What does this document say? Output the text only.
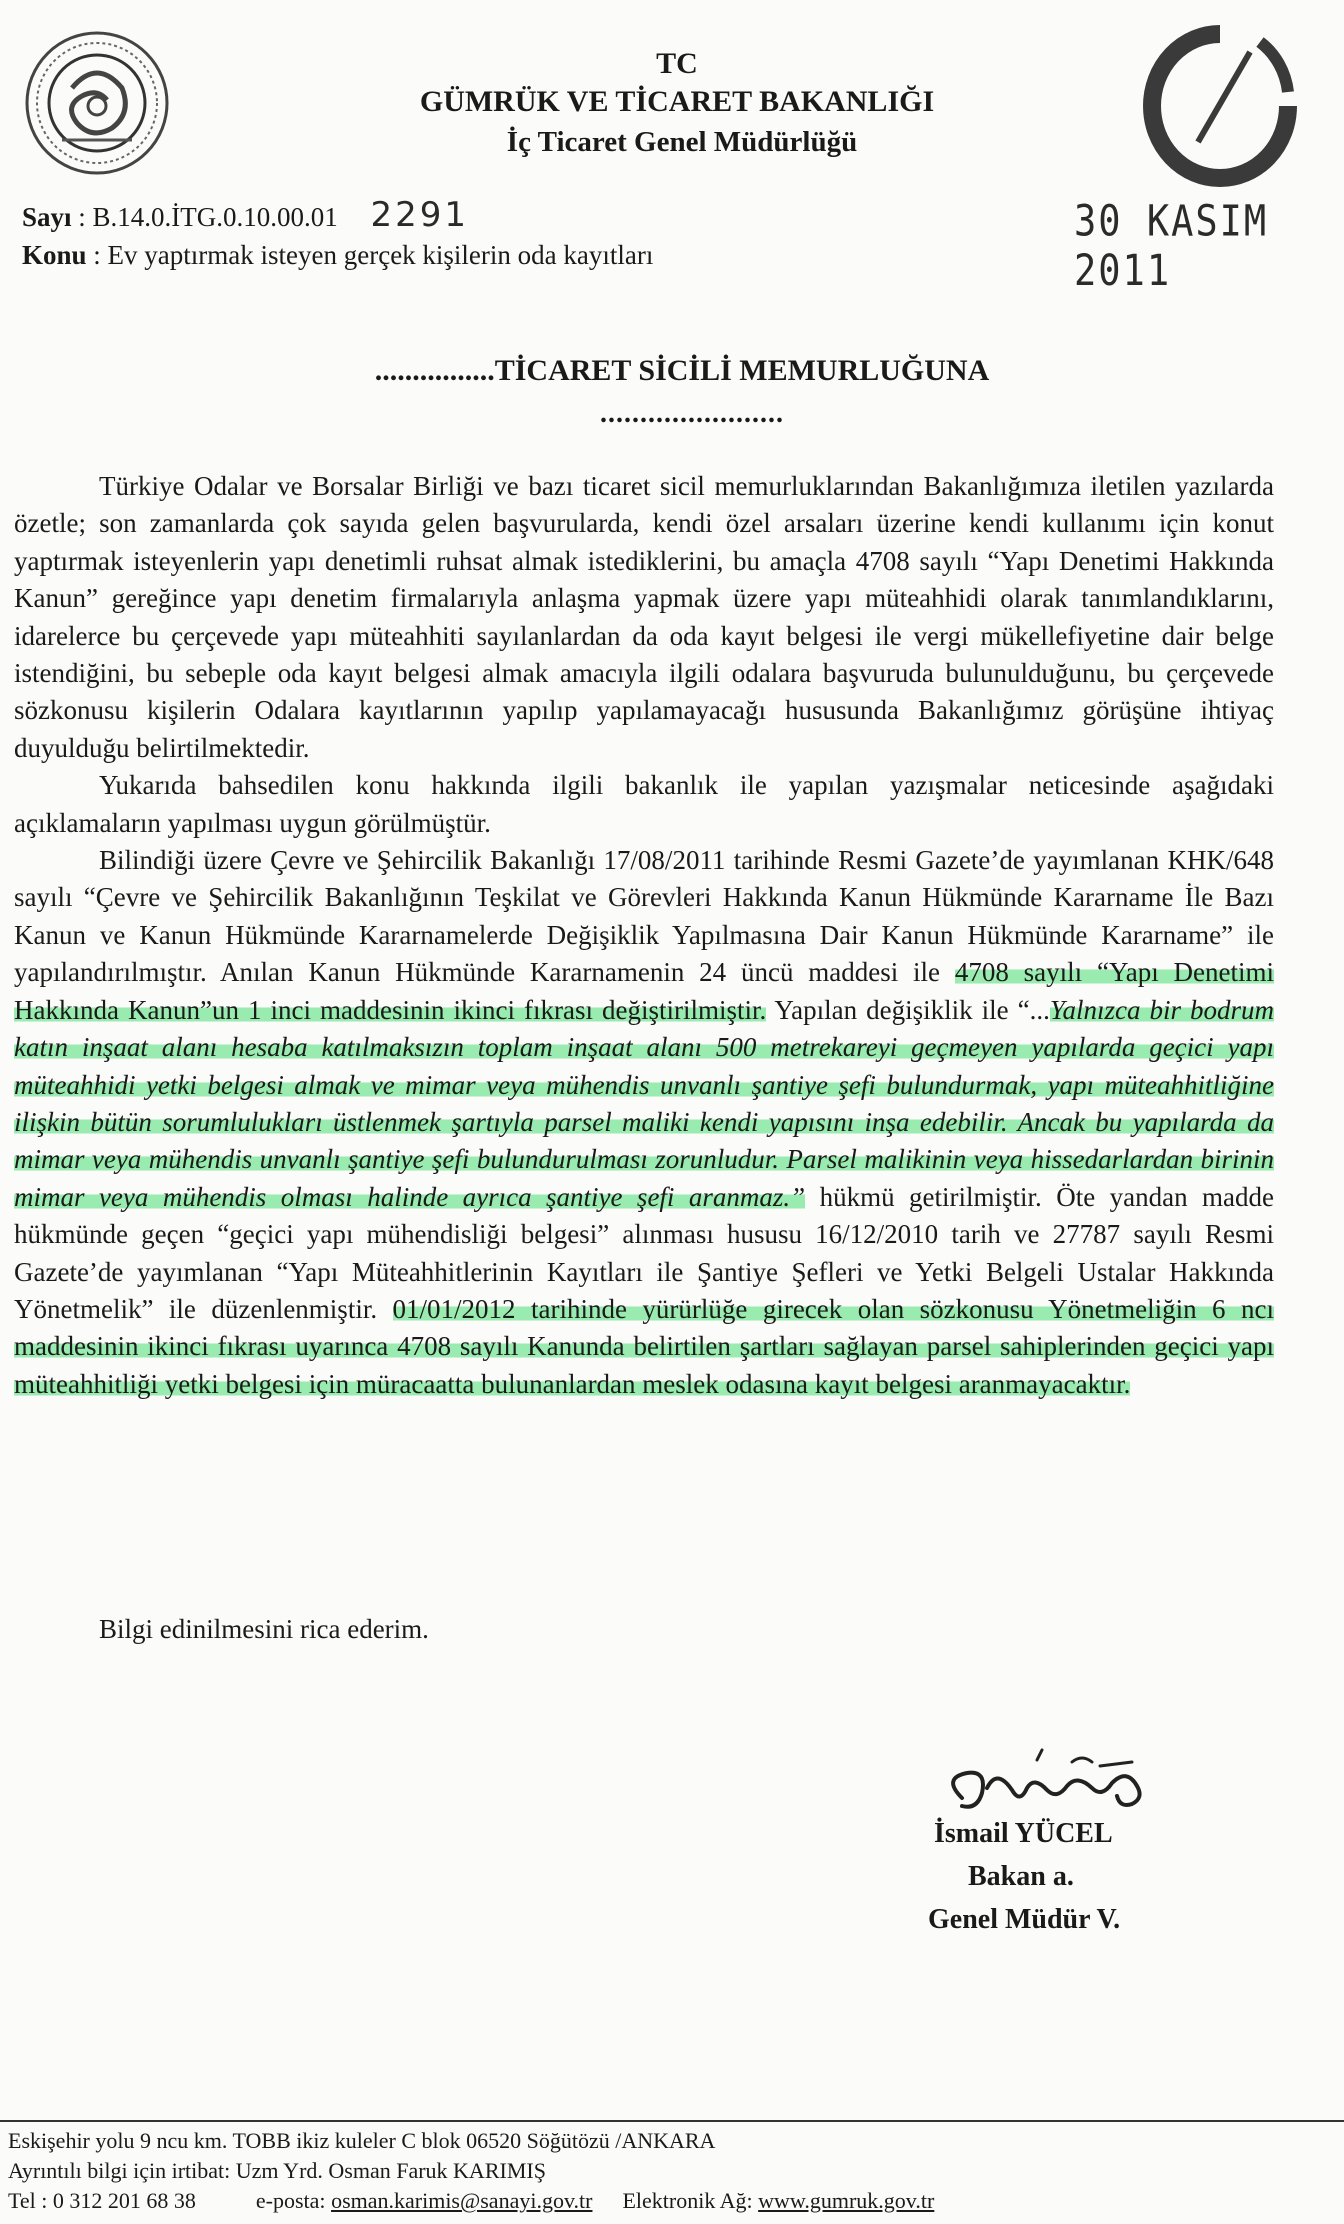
TC
GÜMRÜK VE TİCARET BAKANLIĞI
İç Ticaret Genel Müdürlüğü
Sayı : B.14.0.İTG.0.10.00.01 2291
Konu : Ev yaptırmak isteyen gerçek kişilerin oda kayıtları
30 KASIM 2011
................TİCARET SİCİLİ MEMURLUĞUNA
.......................

Türkiye Odalar ve Borsalar Birliği ve bazı ticaret sicil memurluklarından Bakanlığımıza iletilen yazılarda özetle; son zamanlarda çok sayıda gelen başvurularda, kendi özel arsaları üzerine kendi kullanımı için konut yaptırmak isteyenlerin yapı denetimli ruhsat almak istediklerini, bu amaçla 4708 sayılı “Yapı Denetimi Hakkında Kanun” gereğince yapı denetim firmalarıyla anlaşma yapmak üzere yapı müteahhidi olarak tanımlandıklarını, idarelerce bu çerçevede yapı müteahhiti sayılanlardan da oda kayıt belgesi ile vergi mükellefiyetine dair belge istendiğini, bu sebeple oda kayıt belgesi almak amacıyla ilgili odalara başvuruda bulunulduğunu, bu çerçevede sözkonusu kişilerin Odalara kayıtlarının yapılıp yapılamayacağı hususunda Bakanlığımız görüşüne ihtiyaç duyulduğu belirtilmektedir.

Yukarıda bahsedilen konu hakkında ilgili bakanlık ile yapılan yazışmalar neticesinde aşağıdaki açıklamaların yapılması uygun görülmüştür.

Bilindiği üzere Çevre ve Şehircilik Bakanlığı 17/08/2011 tarihinde Resmi Gazete’de yayımlanan KHK/648 sayılı “Çevre ve Şehircilik Bakanlığının Teşkilat ve Görevleri Hakkında Kanun Hükmünde Kararname İle Bazı Kanun ve Kanun Hükmünde Kararnamelerde Değişiklik Yapılmasına Dair Kanun Hükmünde Kararname” ile yapılandırılmıştır. Anılan Kanun Hükmünde Kararnamenin 24 üncü maddesi ile 4708 sayılı “Yapı Denetimi Hakkında Kanun”un 1 inci maddesinin ikinci fıkrası değiştirilmiştir. Yapılan değişiklik ile “...Yalnızca bir bodrum katın inşaat alanı hesaba katılmaksızın toplam inşaat alanı 500 metrekareyi geçmeyen yapılarda geçici yapı müteahhidi yetki belgesi almak ve mimar veya mühendis unvanlı şantiye şefi bulundurmak, yapı müteahhitliğine ilişkin bütün sorumlulukları üstlenmek şartıyla parsel maliki kendi yapısını inşa edebilir. Ancak bu yapılarda da mimar veya mühendis unvanlı şantiye şefi bulundurulması zorunludur. Parsel malikinin veya hissedarlardan birinin mimar veya mühendis olması halinde ayrıca şantiye şefi aranmaz.” hükmü getirilmiştir. Öte yandan madde hükmünde geçen “geçici yapı mühendisliği belgesi” alınması hususu 16/12/2010 tarih ve 27787 sayılı Resmi Gazete’de yayımlanan “Yapı Müteahhitlerinin Kayıtları ile Şantiye Şefleri ve Yetki Belgeli Ustalar Hakkında Yönetmelik” ile düzenlenmiştir. 01/01/2012 tarihinde yürürlüğe girecek olan sözkonusu Yönetmeliğin 6 ncı maddesinin ikinci fıkrası uyarınca 4708 sayılı Kanunda belirtilen şartları sağlayan parsel sahiplerinden geçici yapı müteahhitliği yetki belgesi için müracaatta bulunanlardan meslek odasına kayıt belgesi aranmayacaktır.

Bilgi edinilmesini rica ederim.
İsmail YÜCEL
Bakan a.
Genel Müdür V.
Eskişehir yolu 9 ncu km. TOBB ikiz kuleler C blok 06520 Söğütözü /ANKARA
Ayrıntılı bilgi için irtibat: Uzm Yrd. Osman Faruk KARIMIŞ
Tel : 0 312 201 68 38	e-posta: osman.karimis@sanayi.gov.tr Elektronik Ağ: www.gumruk.gov.tr
